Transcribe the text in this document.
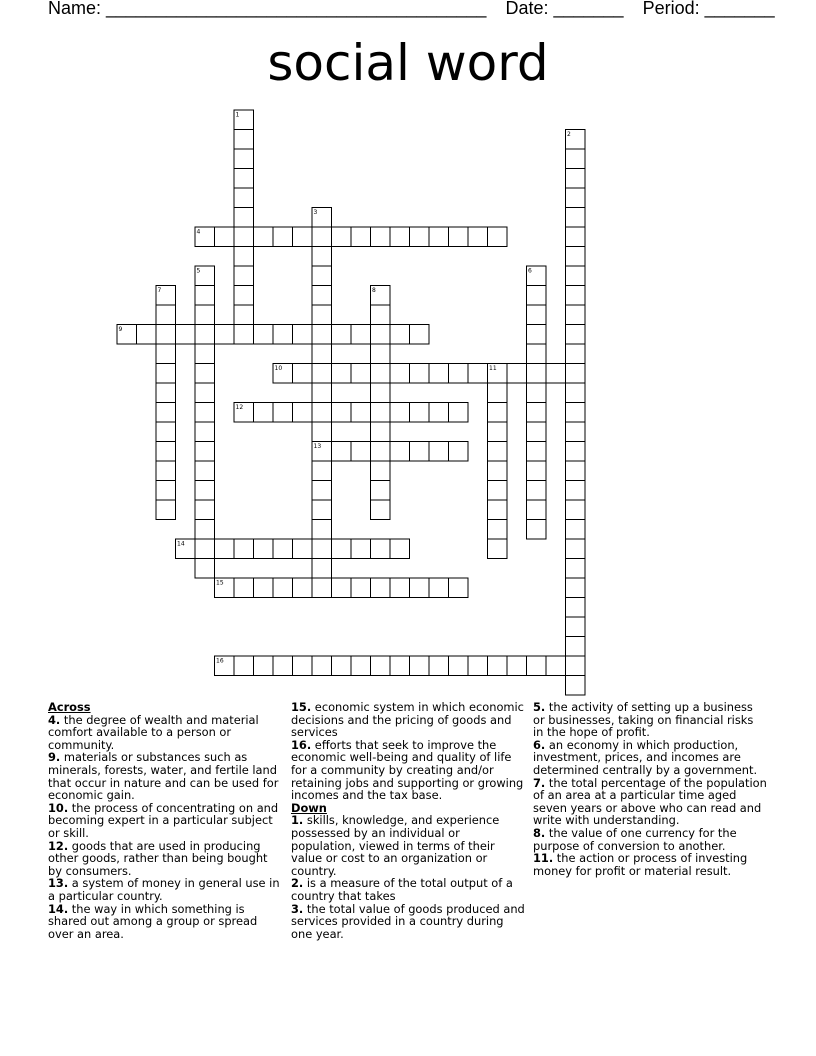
Name: ______________________________________ Date: _______ Period: _______
social word
4
9
10
12
13
14
15
16
1
2
3
5	6
7	8
11
Across
4. the degree of wealth and material comfort available to a person or community.
9. materials or substances such as minerals, forests, water, and fertile land that occur in nature and can be used for economic gain.
10. the process of concentrating on and becoming expert in a particular subject or skill.
12. goods that are used in producing other goods, rather than being bought by consumers.
13. a system of money in general use in a particular country.
14. the way in which something is shared out among a group or spread over an area.
15. economic system in which economic decisions and the pricing of goods and services
16. efforts that seek to improve the economic well-being and quality of life for a community by creating and/or retaining jobs and supporting or growing incomes and the tax base.
Down
1. skills, knowledge, and experience possessed by an individual or population, viewed in terms of their value or cost to an organization or country.
2. is a measure of the total output of a country that takes
3. the total value of goods produced and services provided in a country during one year.
5. the activity of setting up a business or businesses, taking on financial risks in the hope of profit.
6. an economy in which production, investment, prices, and incomes are determined centrally by a government.
7. the total percentage of the population of an area at a particular time aged seven years or above who can read and write with understanding.
8. the value of one currency for the purpose of conversion to another.
11. the action or process of investing money for profit or material result.
